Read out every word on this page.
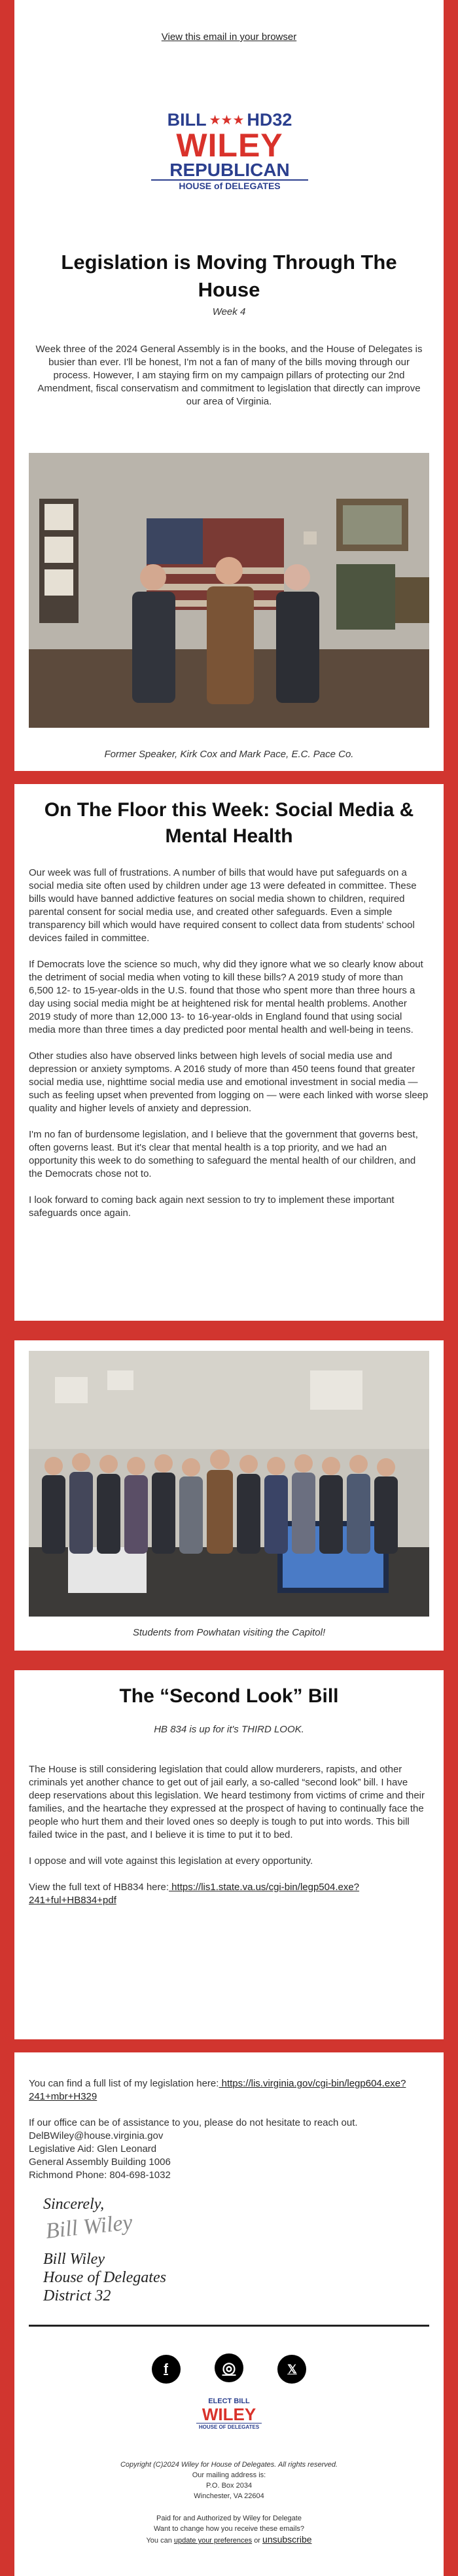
View this email in your browser
BILL ★★★ HD32
WILEY
REPUBLICAN
HOUSE of DELEGATES
Legislation is Moving Through The House
Week 4

Week three of the 2024 General Assembly is in the books, and the House of Delegates is busier than ever. I'll be honest, I'm not a fan of many of the bills moving through our process. However, I am staying firm on my campaign pillars of protecting our 2nd Amendment, fiscal conservatism and commitment to legislation that directly can improve our area of Virginia.

Former Speaker, Kirk Cox and Mark Pace, E.C. Pace Co.
On The Floor this Week: Social Media & Mental Health

Our week was full of frustrations. A number of bills that would have put safeguards on a social media site often used by children under age 13 were defeated in committee. These bills would have banned addictive features on social media shown to children, required parental consent for social media use, and created other safeguards. Even a simple transparency bill which would have required consent to collect data from students' school devices failed in committee.

If Democrats love the science so much, why did they ignore what we so clearly know about the detriment of social media when voting to kill these bills? A 2019 study of more than 6,500 12- to 15-year-olds in the U.S. found that those who spent more than three hours a day using social media might be at heightened risk for mental health problems. Another 2019 study of more than 12,000 13- to 16-year-olds in England found that using social media more than three times a day predicted poor mental health and well-being in teens.

Other studies also have observed links between high levels of social media use and depression or anxiety symptoms. A 2016 study of more than 450 teens found that greater social media use, nighttime social media use and emotional investment in social media — such as feeling upset when prevented from logging on — were each linked with worse sleep quality and higher levels of anxiety and depression.

I'm no fan of burdensome legislation, and I believe that the government that governs best, often governs least. But it's clear that mental health is a top priority, and we had an opportunity this week to do something to safeguard the mental health of our children, and the Democrats chose not to.

I look forward to coming back again next session to try to implement these important safeguards once again.

Students from Powhatan visiting the Capitol!
The “Second Look” Bill
HB 834 is up for it's THIRD LOOK.

The House is still considering legislation that could allow murderers, rapists, and other criminals yet another chance to get out of jail early, a so-called “second look” bill. I have deep reservations about this legislation. We heard testimony from victims of crime and their families, and the heartache they expressed at the prospect of having to continually face the people who hurt them and their loved ones so deeply is tough to put into words. This bill failed twice in the past, and I believe it is time to put it to bed.

I oppose and will vote against this legislation at every opportunity.

View the full text of HB834 here: https://lis1.state.va.us/cgi-bin/legp504.exe?241+ful+HB834+pdf

You can find a full list of my legislation here: https://lis.virginia.gov/cgi-bin/legp604.exe?241+mbr+H329

If our office can be of assistance to you, please do not hesitate to reach out.

DelBWiley@house.virginia.gov

Legislative Aid: Glen Leonard

General Assembly Building 1006

Richmond Phone: 804-698-1032

Sincerely,
Bill Wiley
Bill Wiley
House of Delegates
District 32
f	◎	𝕏
ELECT BILL
WILEY
HOUSE OF DELEGATES
Copyright (C)2024 Wiley for House of Delegates. All rights reserved.
Our mailing address is:
P.O. Box 2034
Winchester, VA 22604
Paid for and Authorized by Wiley for Delegate
Want to change how you receive these emails?
You can update your preferences or unsubscribe
